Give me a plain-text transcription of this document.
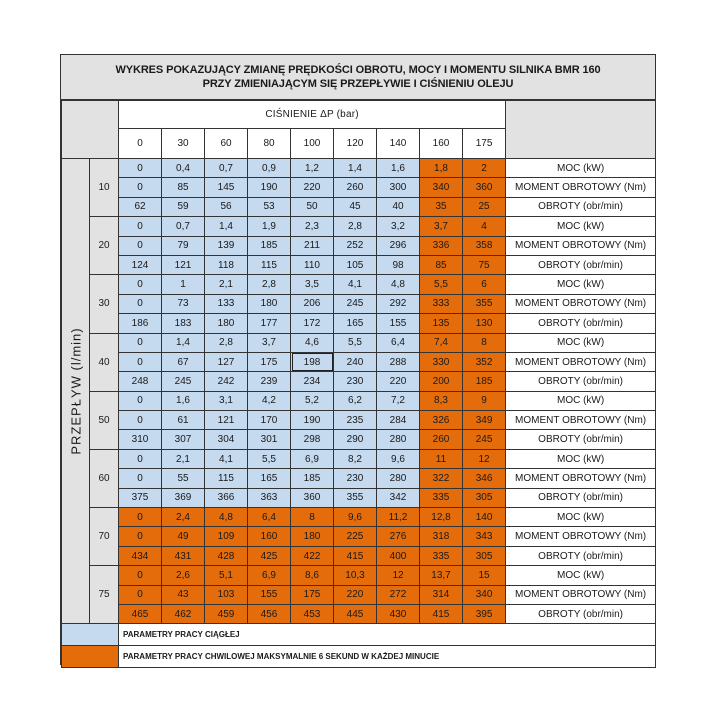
WYKRES POKAZUJĄCY ZMIANĘ PRĘDKOŚCI OBROTU, MOCY I MOMENTU SILNIKA BMR 160
PRZY ZMIENIAJĄCYM SIĘ PRZEPŁYWIE I CIŚNIENIU OLEJU
		CIŚNIENIE ΔP (bar)									
		0	30	60	80	100	120	140	160	175	

PRZEPŁYW (l/min)	10	0	0,4	0,7	0,9	1,2	1,4	1,6	1,8	2	MOC (kW)
		0	85	145	190	220	260	300	340	360	MOMENT OBROTOWY (Nm)
		62	59	56	53	50	45	40	35	25	OBROTY (obr/min)
	20	0	0,7	1,4	1,9	2,3	2,8	3,2	3,7	4	MOC (kW)
		0	79	139	185	211	252	296	336	358	MOMENT OBROTOWY (Nm)
		124	121	118	115	110	105	98	85	75	OBROTY (obr/min)
	30	0	1	2,1	2,8	3,5	4,1	4,8	5,5	6	MOC (kW)
		0	73	133	180	206	245	292	333	355	MOMENT OBROTOWY (Nm)
		186	183	180	177	172	165	155	135	130	OBROTY (obr/min)
	40	0	1,4	2,8	3,7	4,6	5,5	6,4	7,4	8	MOC (kW)
		0	67	127	175	198	240	288	330	352	MOMENT OBROTOWY (Nm)
		248	245	242	239	234	230	220	200	185	OBROTY (obr/min)
	50	0	1,6	3,1	4,2	5,2	6,2	7,2	8,3	9	MOC (kW)
		0	61	121	170	190	235	284	326	349	MOMENT OBROTOWY (Nm)
		310	307	304	301	298	290	280	260	245	OBROTY (obr/min)
	60	0	2,1	4,1	5,5	6,9	8,2	9,6	11	12	MOC (kW)
		0	55	115	165	185	230	280	322	346	MOMENT OBROTOWY (Nm)
		375	369	366	363	360	355	342	335	305	OBROTY (obr/min)
	70	0	2,4	4,8	6,4	8	9,6	11,2	12,8	140	MOC (kW)
		0	49	109	160	180	225	276	318	343	MOMENT OBROTOWY (Nm)
		434	431	428	425	422	415	400	335	305	OBROTY (obr/min)
	75	0	2,6	5,1	6,9	8,6	10,3	12	13,7	15	MOC (kW)
		0	43	103	155	175	220	272	314	340	MOMENT OBROTOWY (Nm)
		465	462	459	456	453	445	430	415	395	OBROTY (obr/min)
		PARAMETRY PRACY CIĄGŁEJ									
		PARAMETRY PRACY CHWILOWEJ MAKSYMALNIE 6 SEKUND W KAŻDEJ MINUCIE									
